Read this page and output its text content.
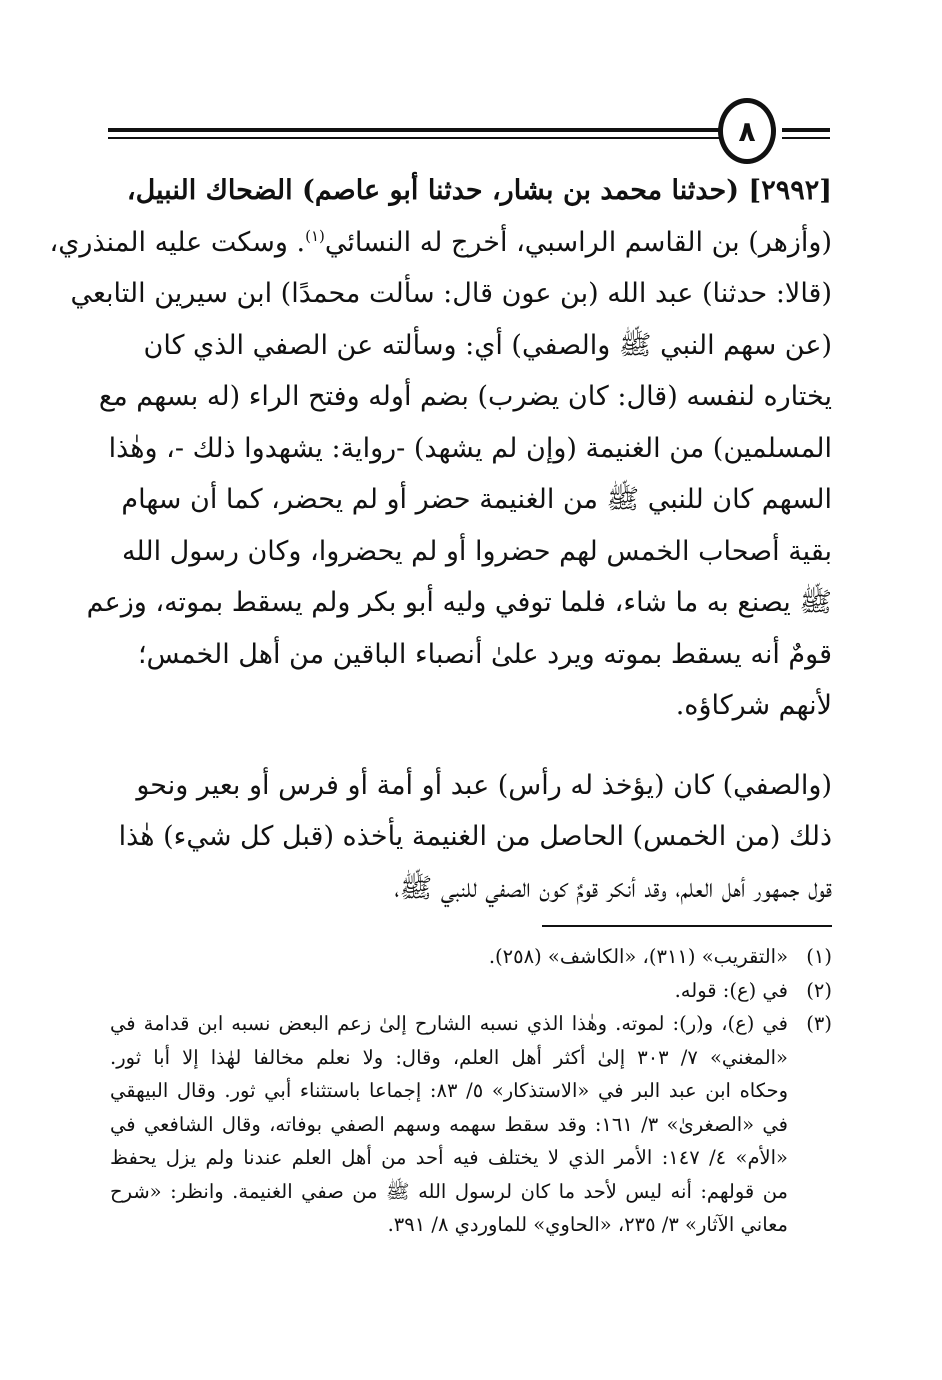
٨
[٢٩٩٢] (حدثنا محمد بن بشار، حدثنا أبو عاصم) الضحاك النبيل،
(وأزهر) بن القاسم الراسبي، أخرج له النسائي$^{(١)}$. وسكت عليه المنذري،
(قالا: حدثنا) عبد الله (بن عون قال: سألت محمدًا) ابن سيرين التابعي
(عن سهم النبي ﷺ والصفي) أي: وسألته عن الصفي الذي كان
يختاره لنفسه (قال: كان يضرب) بضم أوله وفتح الراء (له بسهم مع
المسلمين) من الغنيمة (وإن لم يشهد) -رواية: يشهدوا ذلك -، وهٰذا
السهم كان للنبي ﷺ من الغنيمة حضر أو لم يحضر، كما أن سهام
بقية أصحاب الخمس لهم حضروا أو لم يحضروا، وكان رسول الله
ﷺ يصنع به ما شاء، فلما توفي وليه أبو بكر ولم يسقط بموته، وزعم
قومٌ أنه يسقط بموته ويرد علىٰ أنصباء الباقين من أهل الخمس؛
لأنهم شركاؤه.
(والصفي) كان (يؤخذ له رأس) عبد أو أمة أو فرس أو بعير ونحو
ذلك (من الخمس) الحاصل من الغنيمة يأخذه (قبل كل شيء) هٰذا
قول جمهور أهل العلم، وقد أنكر قومٌ كون الصفي للنبي ﷺ،
(١)
«التقريب» (٣١١)، «الكاشف» (٢٥٨).
(٢)
في (ع): قوله.
(٣)
في (ع)، و(ر): لموته. وهٰذا الذي نسبه الشارح إلىٰ زعم البعض نسبه ابن قدامة في
«المغني» ٧/ ٣٠٣ إلىٰ أكثر أهل العلم، وقال: ولا نعلم مخالفا لهٰذا إلا أبا ثور.
وحكاه ابن عبد البر في «الاستذكار» ٥/ ٨٣: إجماعا باستثناء أبي ثور. وقال البيهقي
في «الصغرىٰ» ٣/ ١٦١: وقد سقط سهمه وسهم الصفي بوفاته، وقال الشافعي في
«الأم» ٤/ ١٤٧: الأمر الذي لا يختلف فيه أحد من أهل العلم عندنا ولم يزل يحفظ
من قولهم: أنه ليس لأحد ما كان لرسول الله ﷺ من صفي الغنيمة. وانظر: «شرح
معاني الآثار» ٣/ ٢٣٥، «الحاوي» للماوردي ٨/ ٣٩١.
